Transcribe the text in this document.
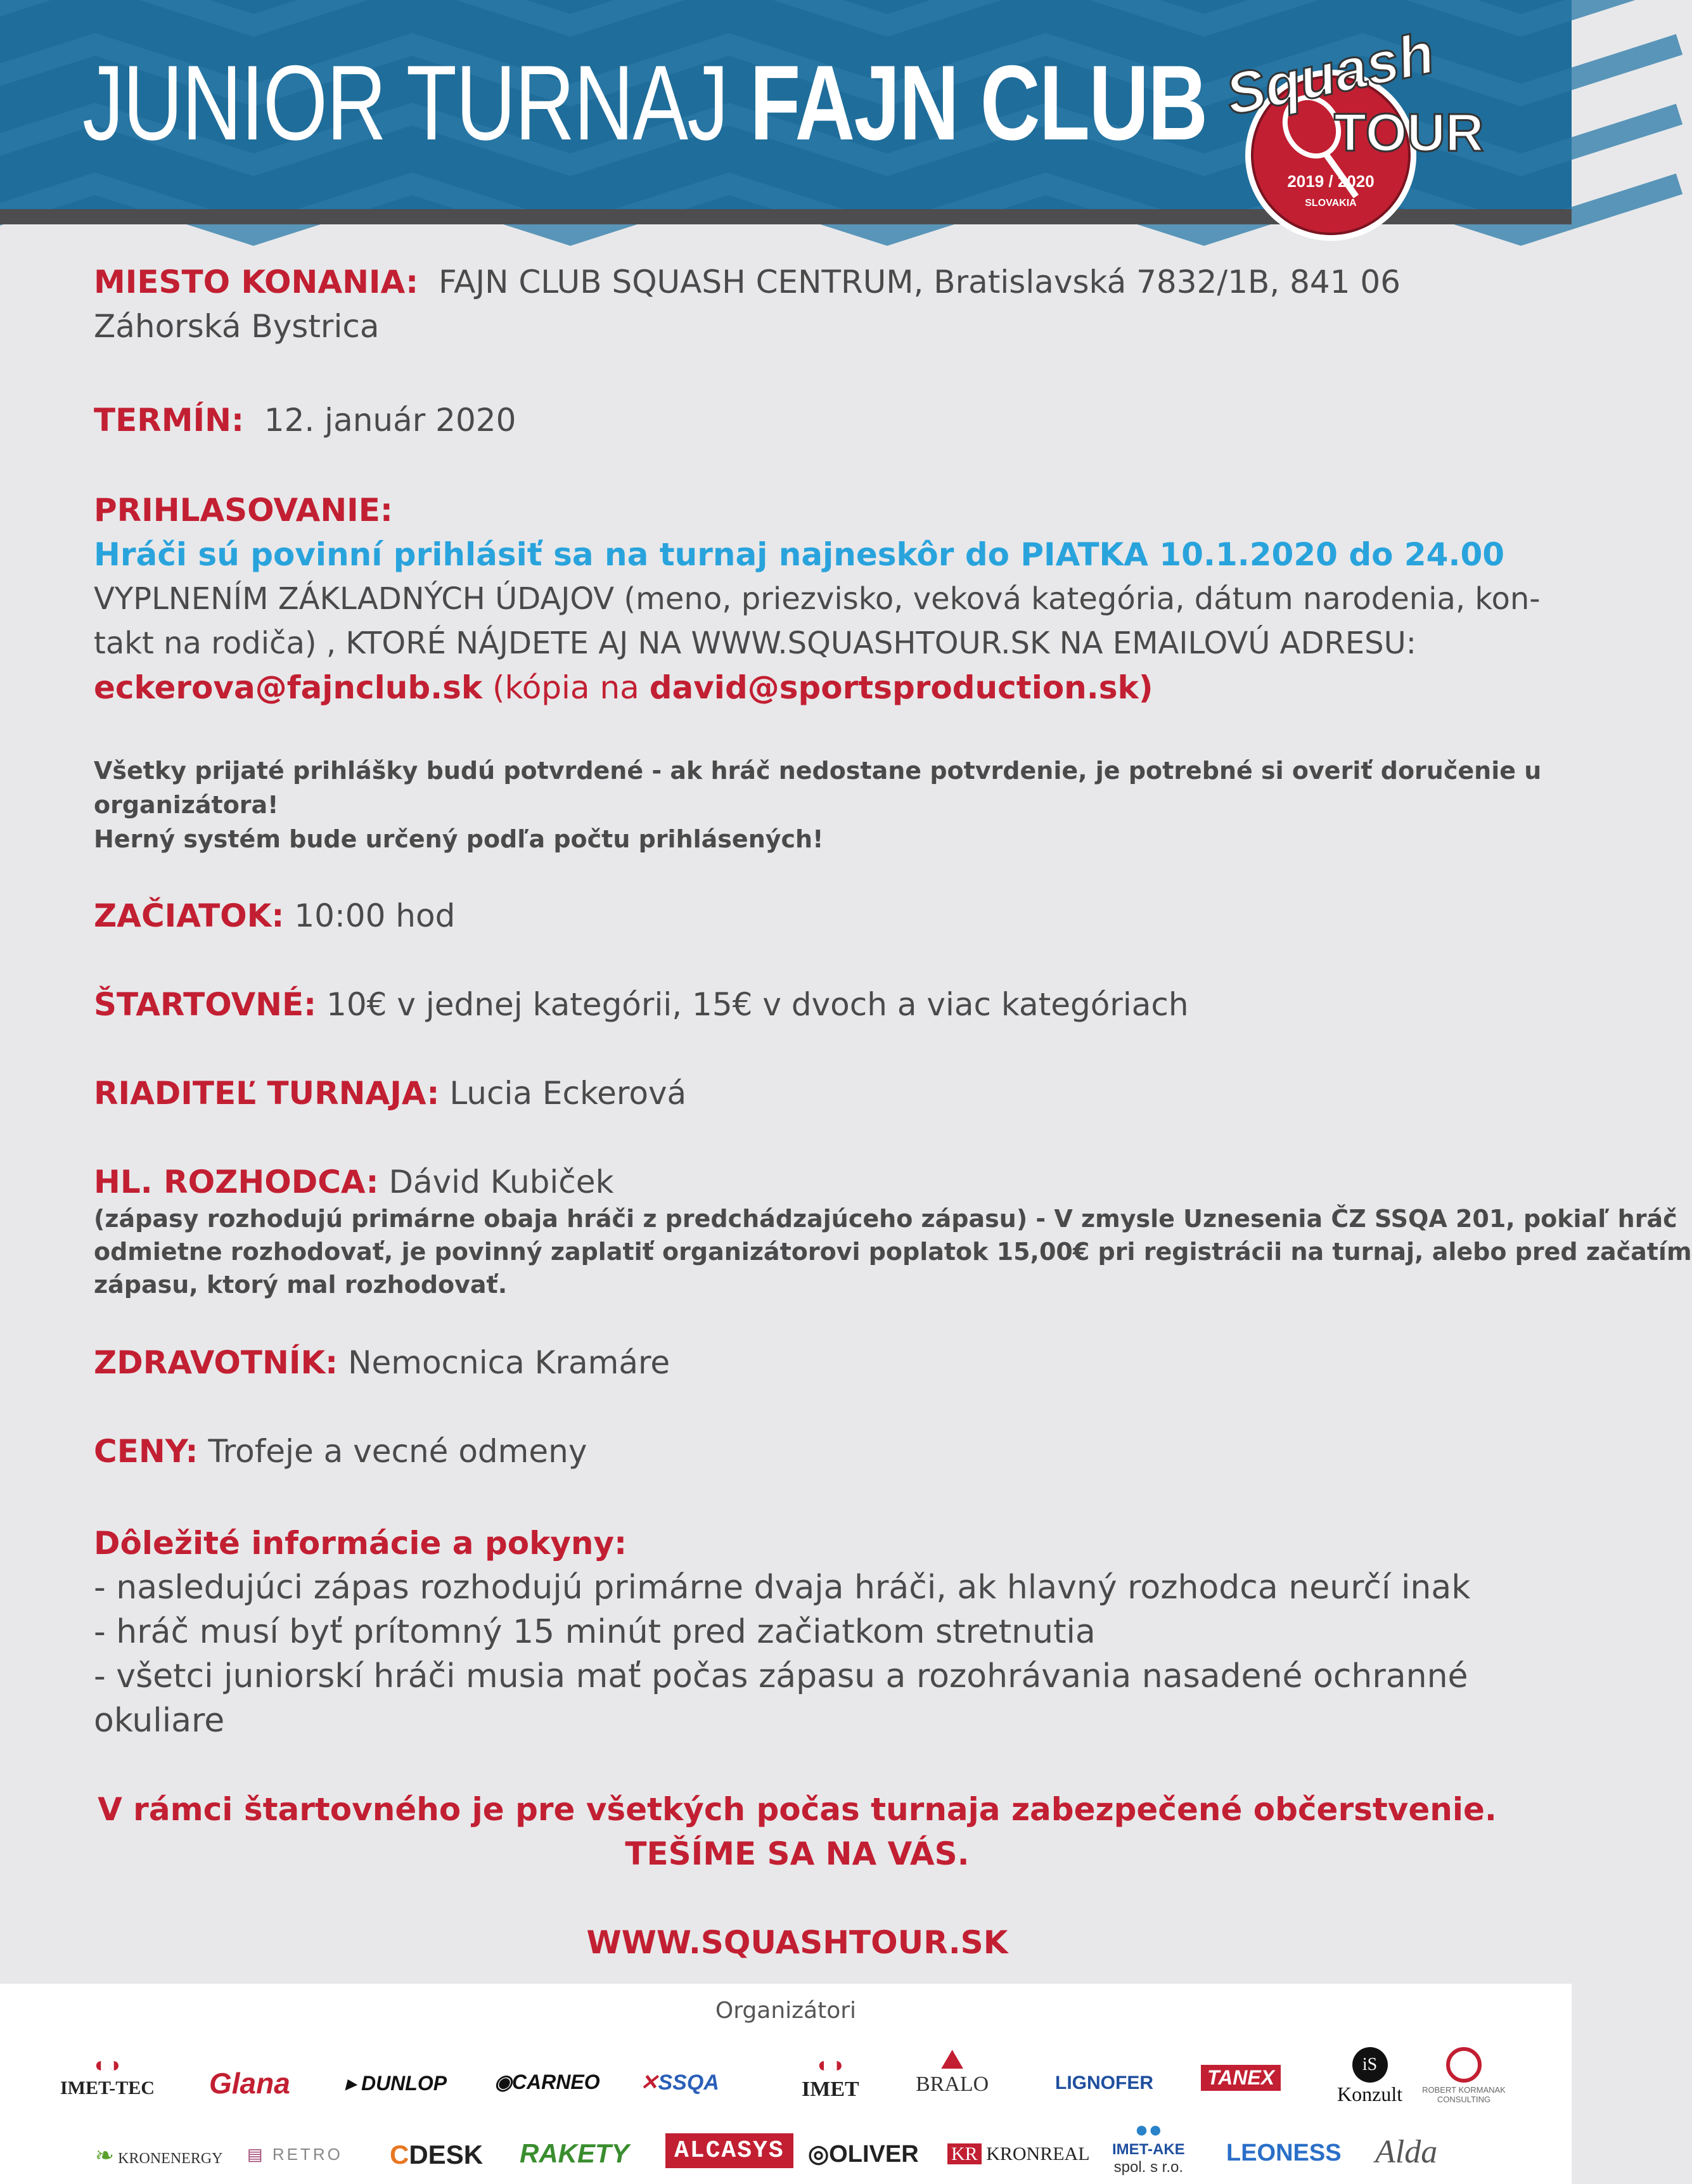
JUNIOR TURNAJ FAJN CLUB Squash
TOUR
2019 / 2020
SLOVAKIA
MIESTO KONANIA: FAJN CLUB SQUASH CENTRUM, Bratislavská 7832/1B, 841 06
Záhorská Bystrica
TERMÍN: 12. január 2020
PRIHLASOVANIE:
Hráči sú povinní prihlásiť sa na turnaj najneskôr do PIATKA 10.1.2020 do 24.00
VYPLNENÍM ZÁKLADNÝCH ÚDAJOV (meno, priezvisko, veková kategória, dátum narodenia, kon-
takt na rodiča) , KTORÉ NÁJDETE AJ NA WWW.SQUASHTOUR.SK NA EMAILOVÚ ADRESU:
eckerova@fajnclub.sk (kópia na david@sportsproduction.sk)
Všetky prijaté prihlášky budú potvrdené - ak hráč nedostane potvrdenie, je potrebné si overiť doručenie u
organizátora!
Herný systém bude určený podľa počtu prihlásených!
ZAČIATOK: 10:00 hod
ŠTARTOVNÉ: 10€ v jednej kategórii, 15€ v dvoch a viac kategóriach
RIADITEĽ TURNAJA: Lucia Eckerová
HL. ROZHODCA: Dávid Kubiček
(zápasy rozhodujú primárne obaja hráči z predchádzajúceho zápasu) - V zmysle Uznesenia ČZ SSQA 201, pokiaľ hráč
odmietne rozhodovať, je povinný zaplatiť organizátorovi poplatok 15,00€ pri registrácii na turnaj, alebo pred začatím
zápasu, ktorý mal rozhodovať.
ZDRAVOTNÍK: Nemocnica Kramáre
CENY: Trofeje a vecné odmeny
Dôležité informácie a pokyny:
- nasledujúci zápas rozhodujú primárne dvaja hráči, ak hlavný rozhodca neurčí inak
- hráč musí byť prítomný 15 minút pred začiatkom stretnutia
- všetci juniorskí hráči musia mať počas zápasu a rozohrávania nasadené ochranné
okuliare
V rámci štartovného je pre všetkých počas turnaja zabezpečené občerstvenie.
TEŠÍME SA NA VÁS.
WWW.SQUASHTOUR.SK
Organizátori
◐◑
IMET-TEC Glana	▸ DUNLOP ◉CARNEO ✕SSQA
◐◑
IMET
⛰
BRALO	LIGNOFER	TANEX
iS
Konzult	ROBERT KORMANAK CONSULTING
❧ KRONENERGY ▤ RETRO CDESK RAKETY	ALCASYS ◎OLIVER KR KRONREAL
●●
IMET-AKE
spol. s r.o.
LEONESS Alda
